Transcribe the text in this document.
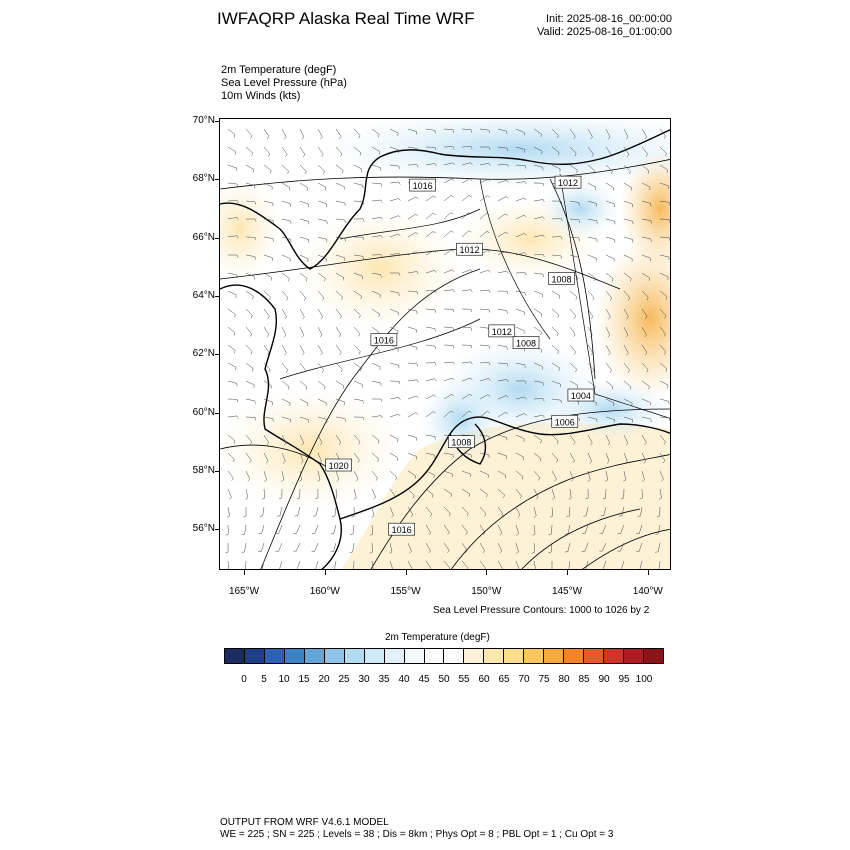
IWFAQRP Alaska Real Time WRF	Init: 2025-08-16_00:00:00
Valid: 2025-08-16_01:00:00
2m Temperature (degF)
Sea Level Pressure (hPa)
10m Winds (kts)
1016	1012
1012
1008
1016
1012
1008
1004
1006
1008
1020
1016
70°N
68°N
66°N
64°N
62°N
60°N
58°N
56°N
165°W	160°W	155°W	150°W	145°W	140°W
Sea Level Pressure Contours: 1000 to 1026 by 2
2m Temperature (degF)
0	5	10 15 20 25 30 35 40 45 50 55 60 65 70 75 80 85 90 95 100
OUTPUT FROM WRF V4.6.1 MODEL
WE = 225 ; SN = 225 ; Levels = 38 ; Dis = 8km ; Phys Opt = 8 ; PBL Opt = 1 ; Cu Opt = 3
